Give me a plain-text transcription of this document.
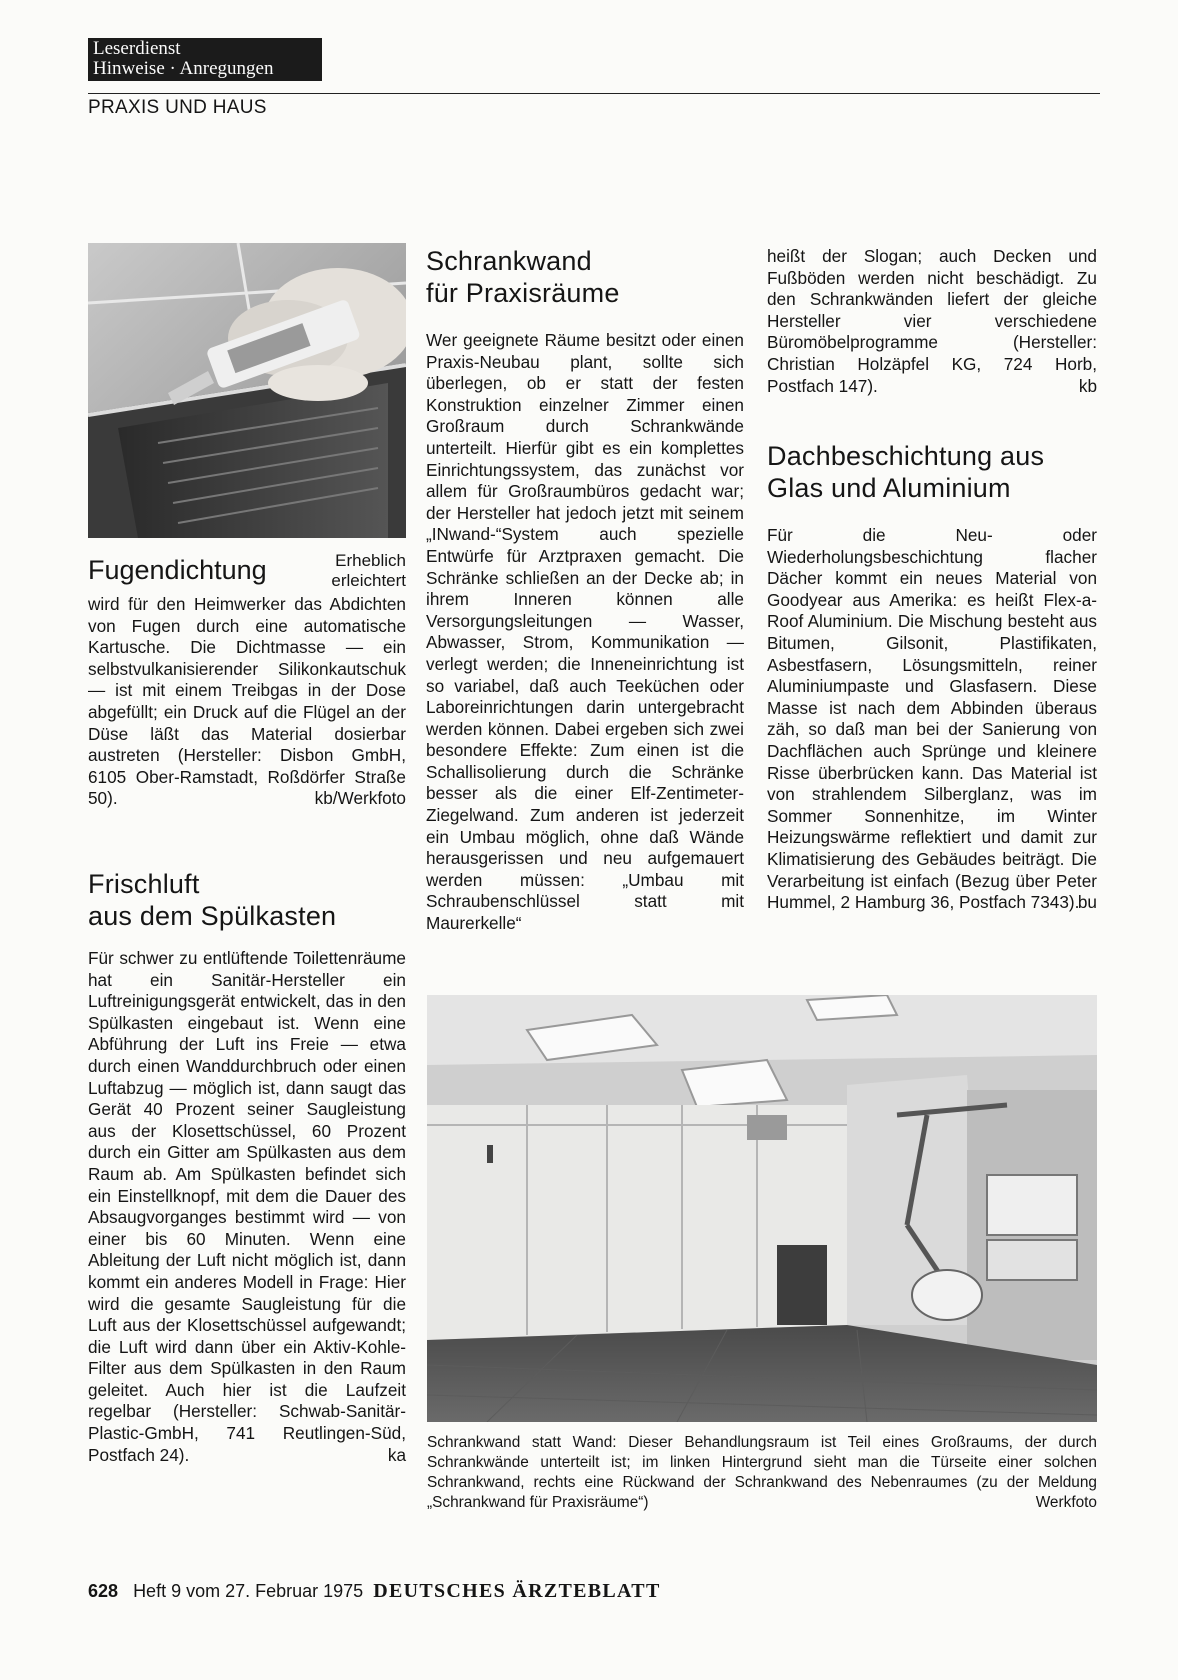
Leserdienst
Hinweise · Anregungen
PRAXIS UND HAUS
Fugendichtung	Erheblich
erleichtert

wird für den Heimwerker das Abdichten von Fugen durch eine automatische Kartusche. Die Dichtmasse — ein selbstvulkanisierender Silikonkautschuk — ist mit einem Treibgas in der Dose abgefüllt; ein Druck auf die Flügel an der Düse läßt das Material dosierbar austreten (Hersteller: Disbon GmbH, 6105 Ober-Ramstadt, Roßdörfer Straße 50).	kb/Werkfoto
Frischluft
aus dem Spülkasten

Für schwer zu entlüftende Toilettenräume hat ein Sanitär-Hersteller ein Luftreinigungsgerät entwickelt, das in den Spülkasten eingebaut ist. Wenn eine Abführung der Luft ins Freie — etwa durch einen Wanddurchbruch oder einen Luftabzug — möglich ist, dann saugt das Gerät 40 Prozent seiner Saugleistung aus der Klosettschüssel, 60 Prozent durch ein Gitter am Spülkasten aus dem Raum ab. Am Spülkasten befindet sich ein Einstellknopf, mit dem die Dauer des Absaugvorganges bestimmt wird — von einer bis 60 Minuten. Wenn eine Ableitung der Luft nicht möglich ist, dann kommt ein anderes Modell in Frage: Hier wird die gesamte Saugleistung für die Luft aus der Klosettschüssel aufgewandt; die Luft wird dann über ein Aktiv-Kohle-Filter aus dem Spülkasten in den Raum geleitet. Auch hier ist die Laufzeit regelbar (Hersteller: Schwab-Sanitär-Plastic-GmbH, 741 Reutlingen-Süd, Postfach 24).	ka
Schrankwand
für Praxisräume

Wer geeignete Räume besitzt oder einen Praxis-Neubau plant, sollte sich überlegen, ob er statt der festen Konstruktion einzelner Zimmer einen Großraum durch Schrankwände unterteilt. Hierfür gibt es ein komplettes Einrichtungssystem, das zunächst vor allem für Großraumbüros gedacht war; der Hersteller hat jedoch jetzt mit seinem „INwand-“System auch spezielle Entwürfe für Arztpraxen gemacht. Die Schränke schließen an der Decke ab; in ihrem Inneren können alle Versorgungsleitungen — Wasser, Abwasser, Strom, Kommunikation — verlegt werden; die Inneneinrichtung ist so variabel, daß auch Teeküchen oder Laboreinrichtungen darin untergebracht werden können. Dabei ergeben sich zwei besondere Effekte: Zum einen ist die Schallisolierung durch die Schränke besser als die einer Elf-Zentimeter-Ziegelwand. Zum anderen ist jederzeit ein Umbau möglich, ohne daß Wände herausgerissen und neu aufgemauert werden müssen: „Umbau mit Schraubenschlüssel statt mit Maurerkelle“

heißt der Slogan; auch Decken und Fußböden werden nicht beschädigt. Zu den Schrankwänden liefert der gleiche Hersteller vier verschiedene Büromöbelprogramme (Hersteller: Christian Holzäpfel KG, 724 Horb, Postfach 147).	kb
Dachbeschichtung aus
Glas und Aluminium

Für die Neu- oder Wiederholungsbeschichtung flacher Dächer kommt ein neues Material von Goodyear aus Amerika: es heißt Flex-a-Roof Aluminium. Die Mischung besteht aus Bitumen, Gilsonit, Plastifikaten, Asbestfasern, Lösungsmitteln, reiner Aluminiumpaste und Glasfasern. Diese Masse ist nach dem Abbinden überaus zäh, so daß man bei der Sanierung von Dachflächen auch Sprünge und kleinere Risse überbrücken kann. Das Material ist von strahlendem Silberglanz, was im Sommer Sonnenhitze, im Winter Heizungswärme reflektiert und damit zur Klimatisierung des Gebäudes beiträgt. Die Verarbeitung ist einfach (Bezug über Peter Hummel, 2 Hamburg 36, Postfach 7343).

bu
Schrankwand statt Wand: Dieser Behandlungsraum ist Teil eines Großraums, der durch Schrankwände unterteilt ist; im linken Hintergrund sieht man die Türseite einer solchen Schrankwand, rechts eine Rückwand der Schrankwand des Nebenraumes (zu der Meldung „Schrankwand für Praxisräume“)	Werkfoto
628 Heft 9 vom 27. Februar 1975 DEUTSCHES ÄRZTEBLATT
